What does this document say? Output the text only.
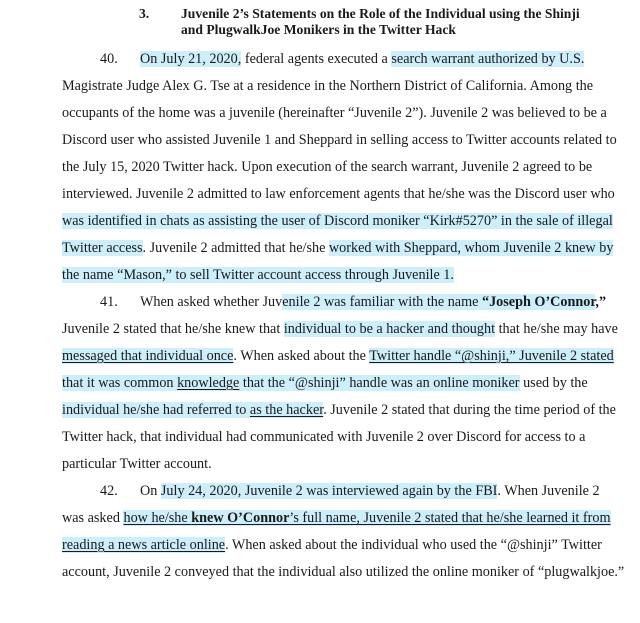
3.	Juvenile 2’s Statements on the Role of the Individual using the Shinji
and PlugwalkJoe Monikers in the Twitter Hack
40. On July 21, 2020, federal agents executed a search warrant authorized by U.S.
Magistrate Judge Alex G. Tse at a residence in the Northern District of California. Among the
occupants of the home was a juvenile (hereinafter “Juvenile 2”). Juvenile 2 was believed to be a
Discord user who assisted Juvenile 1 and Sheppard in selling access to Twitter accounts related to
the July 15, 2020 Twitter hack. Upon execution of the search warrant, Juvenile 2 agreed to be
interviewed. Juvenile 2 admitted to law enforcement agents that he/she was the Discord user who
was identified in chats as assisting the user of Discord moniker “Kirk#5270” in the sale of illegal
Twitter access. Juvenile 2 admitted that he/she worked with Sheppard, whom Juvenile 2 knew by
the name “Mason,” to sell Twitter account access through Juvenile 1.
41. When asked whether Juvenile 2 was familiar with the name “Joseph O’Connor,”
Juvenile 2 stated that he/she knew that individual to be a hacker and thought that he/she may have
messaged that individual once. When asked about the Twitter handle “@shinji,” Juvenile 2 stated
that it was common knowledge that the “@shinji” handle was an online moniker used by the
individual he/she had referred to as the hacker. Juvenile 2 stated that during the time period of the
Twitter hack, that individual had communicated with Juvenile 2 over Discord for access to a
particular Twitter account.
42. On July 24, 2020, Juvenile 2 was interviewed again by the FBI. When Juvenile 2
was asked how he/she knew O’Connor’s full name, Juvenile 2 stated that he/she learned it from
reading a news article online. When asked about the individual who used the “@shinji” Twitter
account, Juvenile 2 conveyed that the individual also utilized the online moniker of “plugwalkjoe.”
